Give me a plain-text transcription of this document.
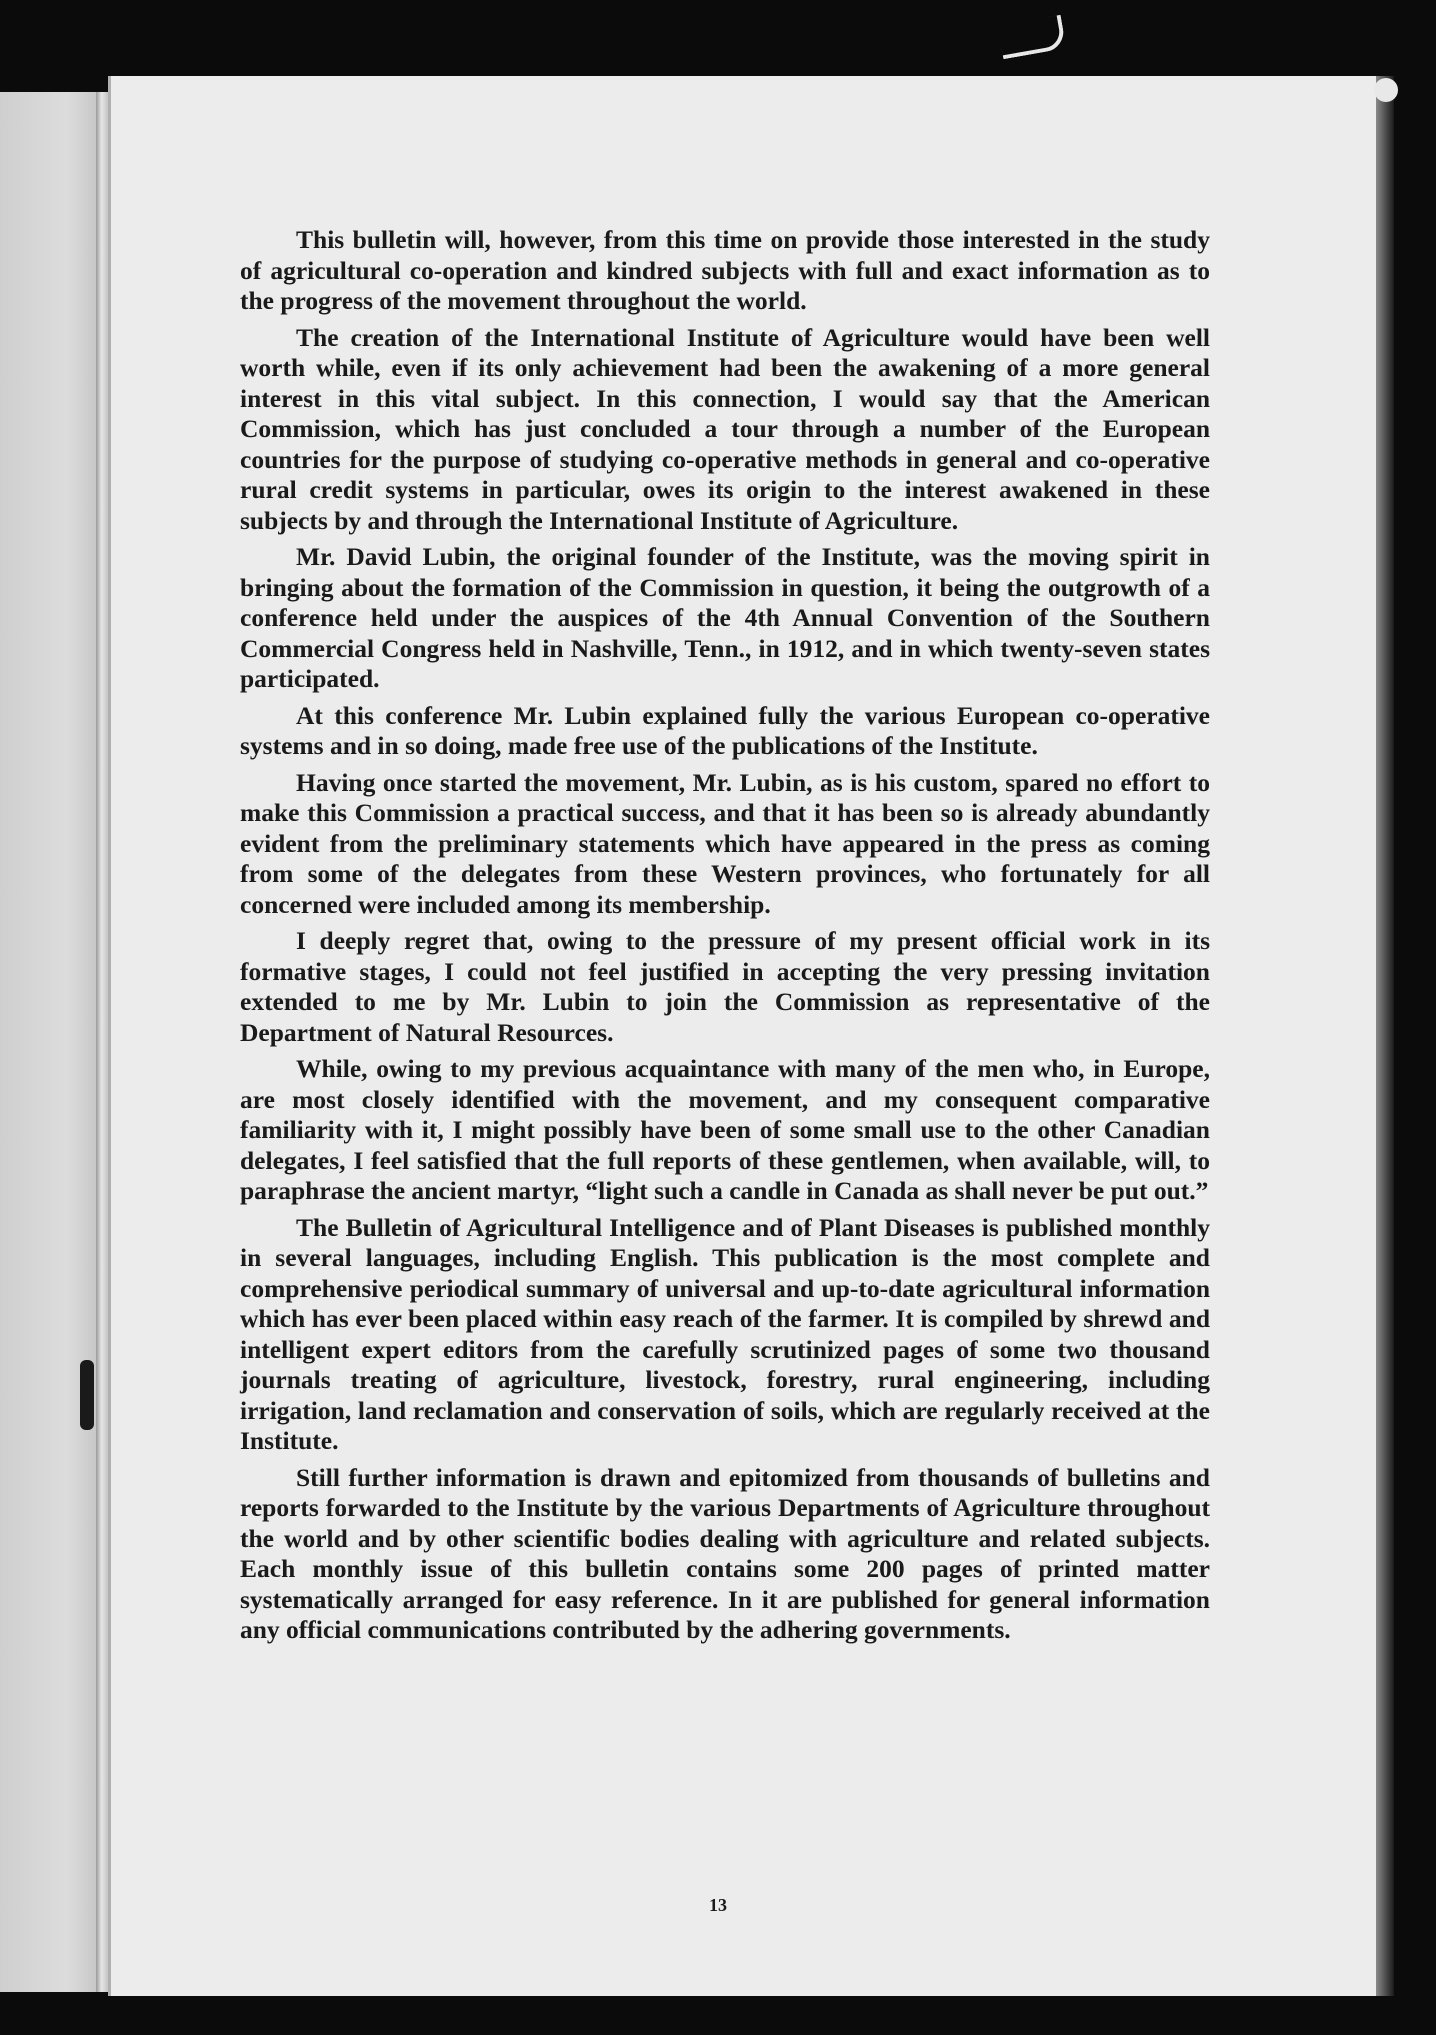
This bulletin will, however, from this time on provide those interested in the study of agricultural co-operation and kindred subjects with full and exact information as to the progress of the movement throughout the world.

The creation of the International Institute of Agriculture would have been well worth while, even if its only achievement had been the awakening of a more general interest in this vital subject. In this connection, I would say that the American Commission, which has just concluded a tour through a number of the European countries for the purpose of studying co-operative methods in general and co-operative rural credit systems in particular, owes its origin to the interest awakened in these subjects by and through the International Institute of Agriculture.

Mr. David Lubin, the original founder of the Institute, was the moving spirit in bringing about the formation of the Commission in question, it being the outgrowth of a conference held under the auspices of the 4th Annual Convention of the Southern Commercial Congress held in Nashville, Tenn., in 1912, and in which twenty-seven states participated.

At this conference Mr. Lubin explained fully the various European co-operative systems and in so doing, made free use of the publications of the Institute.

Having once started the movement, Mr. Lubin, as is his custom, spared no effort to make this Commission a practical success, and that it has been so is already abundantly evident from the preliminary statements which have appeared in the press as coming from some of the delegates from these Western provinces, who fortunately for all concerned were included among its membership.

I deeply regret that, owing to the pressure of my present official work in its formative stages, I could not feel justified in accepting the very pressing invitation extended to me by Mr. Lubin to join the Commission as representative of the Department of Natural Resources.

While, owing to my previous acquaintance with many of the men who, in Europe, are most closely identified with the movement, and my consequent comparative familiarity with it, I might possibly have been of some small use to the other Canadian delegates, I feel satisfied that the full reports of these gentlemen, when available, will, to paraphrase the ancient martyr, “light such a candle in Canada as shall never be put out.”

The Bulletin of Agricultural Intelligence and of Plant Diseases is published monthly in several languages, including English. This publication is the most complete and comprehensive periodical summary of universal and up-to-date agricultural information which has ever been placed within easy reach of the farmer. It is compiled by shrewd and intelligent expert editors from the carefully scrutinized pages of some two thousand journals treating of agriculture, livestock, forestry, rural engineering, including irrigation, land reclamation and conservation of soils, which are regularly received at the Institute.

Still further information is drawn and epitomized from thousands of bulletins and reports forwarded to the Institute by the various Departments of Agriculture throughout the world and by other scientific bodies dealing with agriculture and related subjects. Each monthly issue of this bulletin contains some 200 pages of printed matter systematically arranged for easy reference. In it are published for general information any official communications contributed by the adhering governments.

13
